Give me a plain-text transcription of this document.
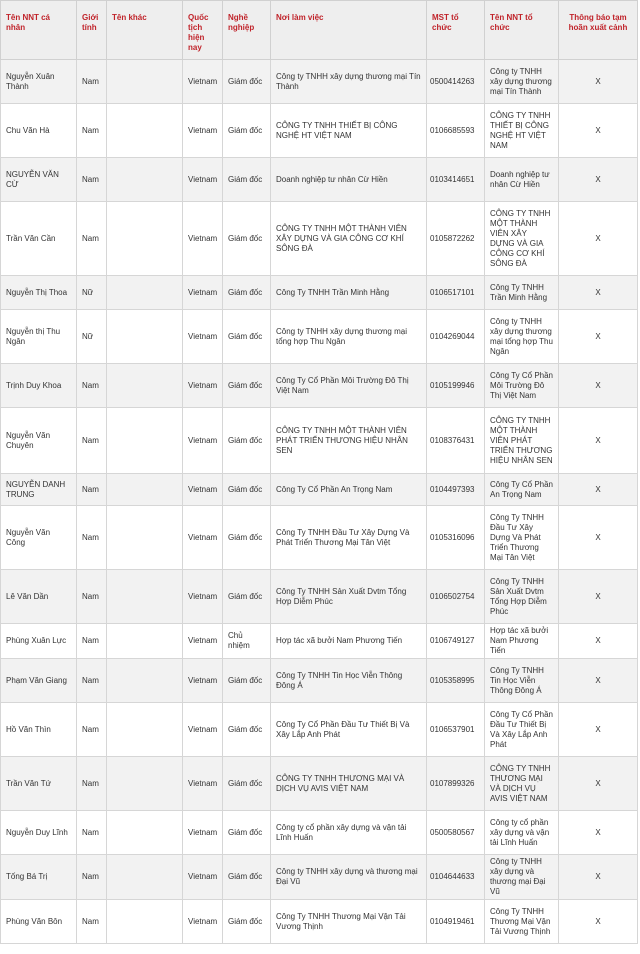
Tên NNT cá nhân	Giới tính	Tên khác	Quốc tịch hiện nay	Nghề nghiệp	Nơi làm việc	MST tổ chức	Tên NNT tổ chức	Thông báo tạm hoãn xuất cảnh
Nguyễn Xuân Thành	Nam		Vietnam	Giám đốc	Công ty TNHH xây dựng thương mại Tín Thành	0500414263	Công ty TNHH xây dựng thương mại Tín Thành	X
Chu Văn Hà	Nam		Vietnam	Giám đốc	CÔNG TY TNHH THIẾT BỊ CÔNG NGHỆ HT VIỆT NAM	0106685593	CÔNG TY TNHH THIẾT BỊ CÔNG NGHỆ HT VIỆT NAM	X
NGUYỄN VĂN CỪ	Nam		Vietnam	Giám đốc	Doanh nghiệp tư nhân Cừ Hiền	0103414651	Doanh nghiệp tư nhân Cừ Hiền	X
Trần Văn Cần	Nam		Vietnam	Giám đốc	CÔNG TY TNHH MỘT THÀNH VIÊN XÂY DỰNG VÀ GIA CÔNG CƠ KHÍ SÔNG ĐÀ	0105872262	CÔNG TY TNHH MỘT THÀNH VIÊN XÂY DỰNG VÀ GIA CÔNG CƠ KHÍ SÔNG ĐÀ	X
Nguyễn Thị Thoa	Nữ		Vietnam	Giám đốc	Công Ty TNHH Trần Minh Hằng	0106517101	Công Ty TNHH Trần Minh Hằng	X
Nguyễn thị Thu Ngân	Nữ		Vietnam	Giám đốc	Công ty TNHH xây dựng thương mại tổng hợp Thu Ngân	0104269044	Công ty TNHH xây dựng thương mại tổng hợp Thu Ngân	X
Trịnh Duy Khoa	Nam		Vietnam	Giám đốc	Công Ty Cổ Phần Môi Trường Đô Thị Việt Nam	0105199946	Công Ty Cổ Phần Môi Trường Đô Thị Việt Nam	X
Nguyễn Văn Chuyên	Nam		Vietnam	Giám đốc	CÔNG TY TNHH MỘT THÀNH VIÊN PHÁT TRIỂN THƯƠNG HIỆU NHÂN SEN	0108376431	CÔNG TY TNHH MỘT THÀNH VIÊN PHÁT TRIỂN THƯƠNG HIỆU NHÂN SEN	X
NGUYỄN DANH TRUNG	Nam		Vietnam	Giám đốc	Công Ty Cổ Phần An Trọng Nam	0104497393	Công Ty Cổ Phần An Trọng Nam	X
Nguyễn Văn Công	Nam		Vietnam	Giám đốc	Công Ty TNHH Đầu Tư Xây Dựng Và Phát Triển Thương Mại Tân Việt	0105316096	Công Ty TNHH Đầu Tư Xây Dựng Và Phát Triển Thương Mại Tân Việt	X
Lê Văn Dần	Nam		Vietnam	Giám đốc	Công Ty TNHH Sản Xuất Dvtm Tổng Hợp Diễm Phúc	0106502754	Công Ty TNHH Sản Xuất Dvtm Tổng Hợp Diễm Phúc	X
Phùng Xuân Lực	Nam		Vietnam	Chủ nhiệm	Hợp tác xã bưởi Nam Phương Tiến	0106749127	Hợp tác xã bưởi Nam Phương Tiến	X
Phạm Văn Giang	Nam		Vietnam	Giám đốc	Công Ty TNHH Tin Học Viễn Thông Đông Á	0105358995	Công Ty TNHH Tin Học Viễn Thông Đông Á	X
Hồ Văn Thìn	Nam		Vietnam	Giám đốc	Công Ty Cổ Phần Đầu Tư Thiết Bị Và Xây Lắp Anh Phát	0106537901	Công Ty Cổ Phần Đầu Tư Thiết Bị Và Xây Lắp Anh Phát	X
Trần Văn Tứ	Nam		Vietnam	Giám đốc	CÔNG TY TNHH THƯƠNG MẠI VÀ DỊCH VỤ AVIS VIỆT NAM	0107899326	CÔNG TY TNHH THƯƠNG MẠI VÀ DỊCH VỤ AVIS VIỆT NAM	X
Nguyễn Duy Lĩnh	Nam		Vietnam	Giám đốc	Công ty cổ phần xây dựng và vận tải Lĩnh Huấn	0500580567	Công ty cổ phần xây dựng và vận tải Lĩnh Huấn	X
Tống Bá Trị	Nam		Vietnam	Giám đốc	Công ty TNHH xây dựng và thương mại Đại Vũ	0104644633	Công ty TNHH xây dựng và thương mại Đại Vũ	X
Phùng Văn Bôn	Nam		Vietnam	Giám đốc	Công Ty TNHH Thương Mại Vận Tải Vương Thịnh	0104919461	Công Ty TNHH Thương Mại Vận Tải Vương Thịnh	X
